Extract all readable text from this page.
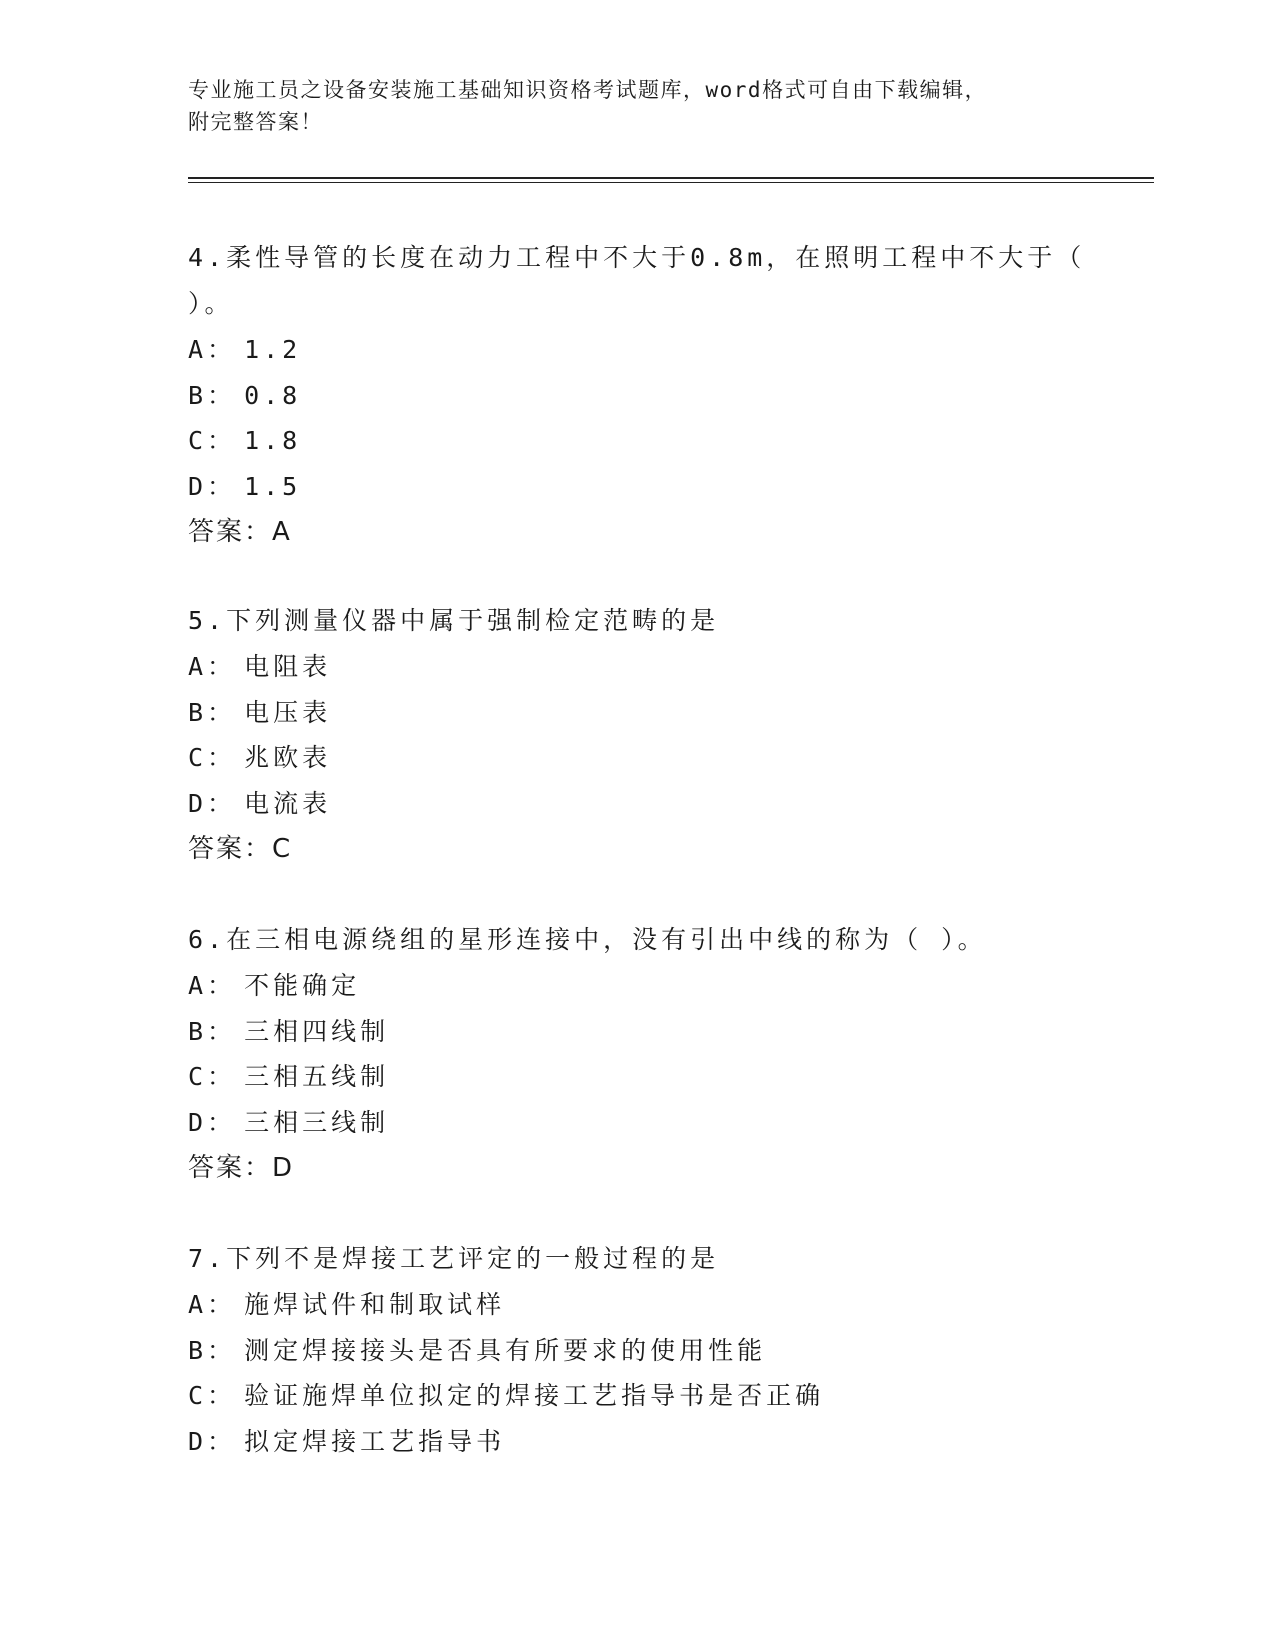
专业施工员之设备安装施工基础知识资格考试题库，word格式可自由下载编辑，
附完整答案！

4.柔性导管的长度在动力工程中不大于0.8m，在照明工程中不大于（

）。

A： 1.2

B： 0.8

C： 1.8

D： 1.5

答案：A

5.下列测量仪器中属于强制检定范畴的是

A： 电阻表

B： 电压表

C： 兆欧表

D： 电流表

答案：C

6.在三相电源绕组的星形连接中，没有引出中线的称为（ ）。

A： 不能确定

B： 三相四线制

C： 三相五线制

D： 三相三线制

答案：D

7.下列不是焊接工艺评定的一般过程的是

A： 施焊试件和制取试样

B： 测定焊接接头是否具有所要求的使用性能

C： 验证施焊单位拟定的焊接工艺指导书是否正确

D： 拟定焊接工艺指导书
